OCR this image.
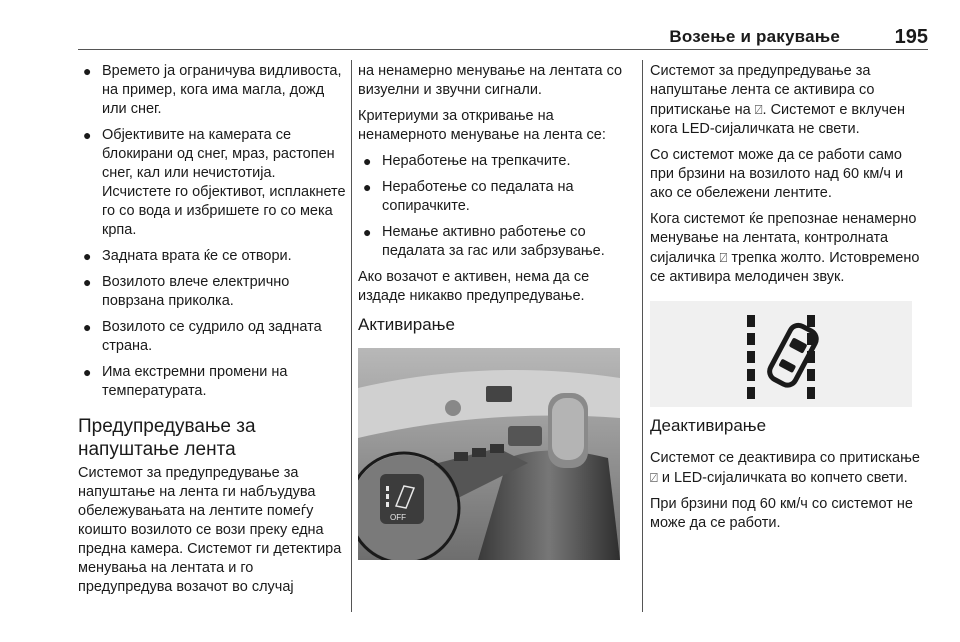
Возење и ракување	195
● Времето ја ограничува видливоста, на пример, кога има магла, дожд или снег.
● Објективите на камерата се блокирани од снег, мраз, растопен снег, кал или нечистотија. Исчистете го објективот, исплакнете го со вода и избришете го со мека крпа.
● Задната врата ќе се отвори.
● Возилото влече електрично поврзана приколка.
● Возилото се судрило од задната страна.
● Има екстремни промени на температурата.
Предупредување за напуштање лента

Системот за предупредување за напуштање на лента ги набљудува обележувањата на лентите помеѓу коишто возилото се вози преку една предна камера. Системот ги детектира менувања на лентата и го предупредува возачот во случај

на ненамерно менување на лентата со визуелни и звучни сигнали.

Критериуми за откривање на ненамерното менување на лента се:

● Неработење на трепкачите.
● Неработење со педалата на сопирачките.
● Немање активно работење со педалата за гас или забрзување.

Ако возачот е активен, нема да се издаде никакво предупредување.

Активирање
OFF

Системот за предупредување за напуштање лента се активира со притискање на ⍁. Системот е вклучен кога LED-сијаличката не свети.

Со системот може да се работи само при брзини на возилото над 60 км/ч и ако се обележени лентите.

Кога системот ќе препознае ненамерно менување на лентата, контролната сијаличка ⍁ трепка жолто. Истовремено се активира мелодичен звук.

Деактивирање

Системот се деактивира со притискање ⍁ и LED-сијаличката во копчето свети.

При брзини под 60 км/ч со системот не може да се работи.
